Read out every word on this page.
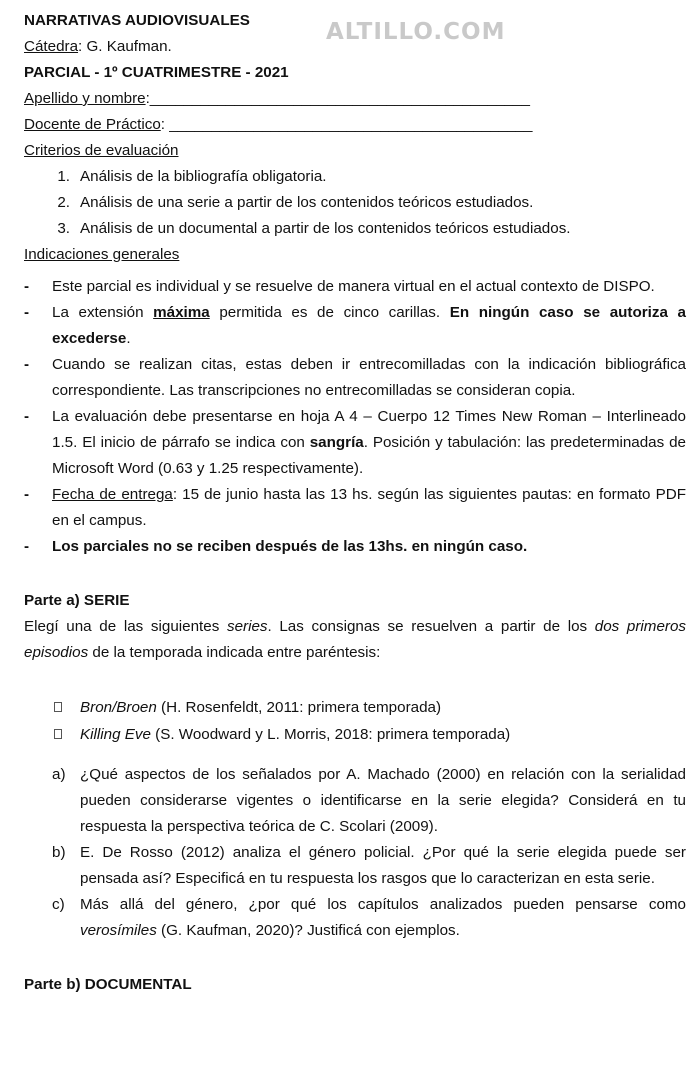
ALTILLO.COM

NARRATIVAS AUDIOVISUALES

Cátedra: G. Kaufman.

PARCIAL - 1º CUATRIMESTRE - 2021

Apellido y nombre:_____________________________________________

Docente de Práctico: ___________________________________________

Criterios de evaluación

1. Análisis de la bibliografía obligatoria.
2. Análisis de una serie a partir de los contenidos teóricos estudiados.
3. Análisis de un documental a partir de los contenidos teóricos estudiados.

Indicaciones generales

-	Este parcial es individual y se resuelve de manera virtual en el actual contexto de DISPO.
-	La extensión máxima permitida es de cinco carillas. En ningún caso se autoriza a excederse.
-	Cuando se realizan citas, estas deben ir entrecomilladas con la indicación bibliográfica correspondiente. Las transcripciones no entrecomilladas se consideran copia.
-	La evaluación debe presentarse en hoja A 4 – Cuerpo 12 Times New Roman – Interlineado 1.5. El inicio de párrafo se indica con sangría. Posición y tabulación: las predeterminadas de Microsoft Word (0.63 y 1.25 respectivamente).
-	Fecha de entrega: 15 de junio hasta las 13 hs. según las siguientes pautas: en formato PDF en el campus.
-	Los parciales no se reciben después de las 13hs. en ningún caso.

Parte a) SERIE

Elegí una de las siguientes series. Las consignas se resuelven a partir de los dos primeros episodios de la temporada indicada entre paréntesis:

Bron/Broen (H. Rosenfeldt, 2011: primera temporada)
Killing Eve (S. Woodward y L. Morris, 2018: primera temporada)
a) ¿Qué aspectos de los señalados por A. Machado (2000) en relación con la serialidad pueden considerarse vigentes o identificarse en la serie elegida? Considerá en tu respuesta la perspectiva teórica de C. Scolari (2009).
b) E. De Rosso (2012) analiza el género policial. ¿Por qué la serie elegida puede ser pensada así? Especificá en tu respuesta los rasgos que lo caracterizan en esta serie.
c)	Más allá del género, ¿por qué los capítulos analizados pueden pensarse como verosímiles (G. Kaufman, 2020)? Justificá con ejemplos.

Parte b) DOCUMENTAL
